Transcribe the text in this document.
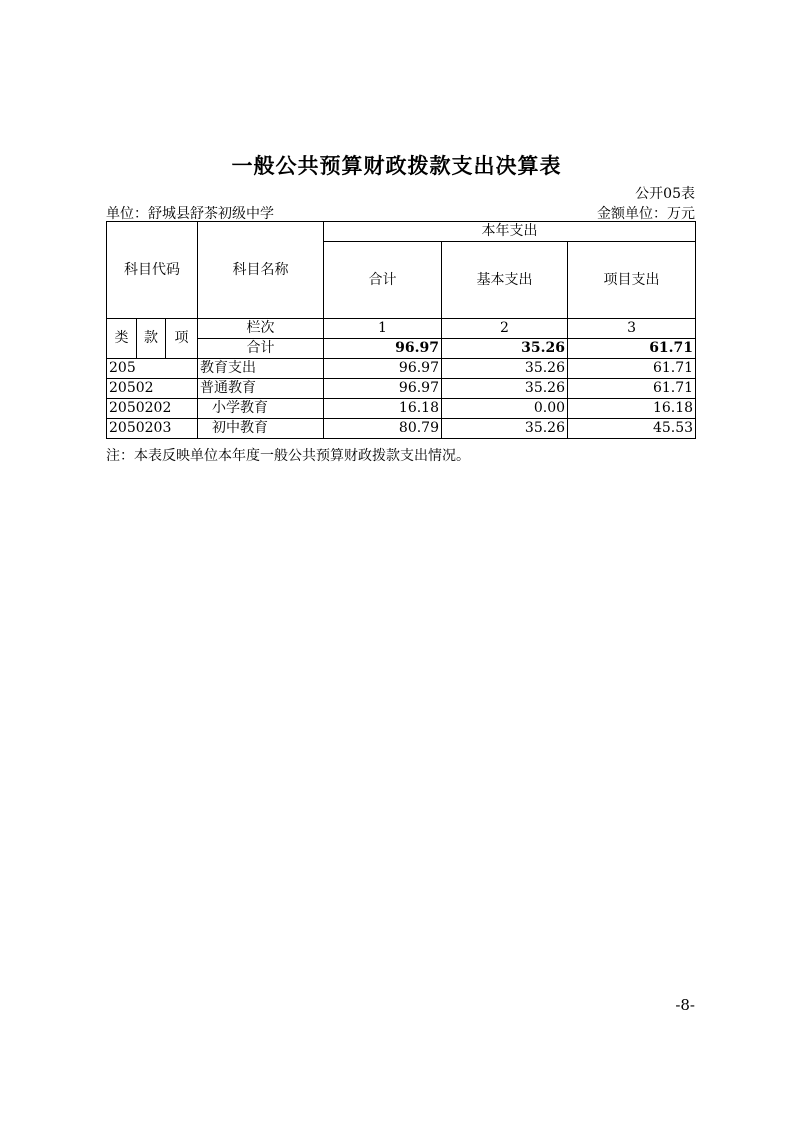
一般公共预算财政拨款支出决算表
公开05表
单位：舒城县舒茶初级中学	金额单位：万元
科目代码			科目名称	本年支出		
				合计	基本支出	项目支出

类	款	项	栏次	1	2	3
			合计	96.97	35.26	61.71
205			教育支出	96.97	35.26	61.71
20502			普通教育	96.97	35.26	61.71
2050202			小学教育	16.18	0.00	16.18
2050203			初中教育	80.79	35.26	45.53
注：本表反映单位本年度一般公共预算财政拨款支出情况。
-8-
